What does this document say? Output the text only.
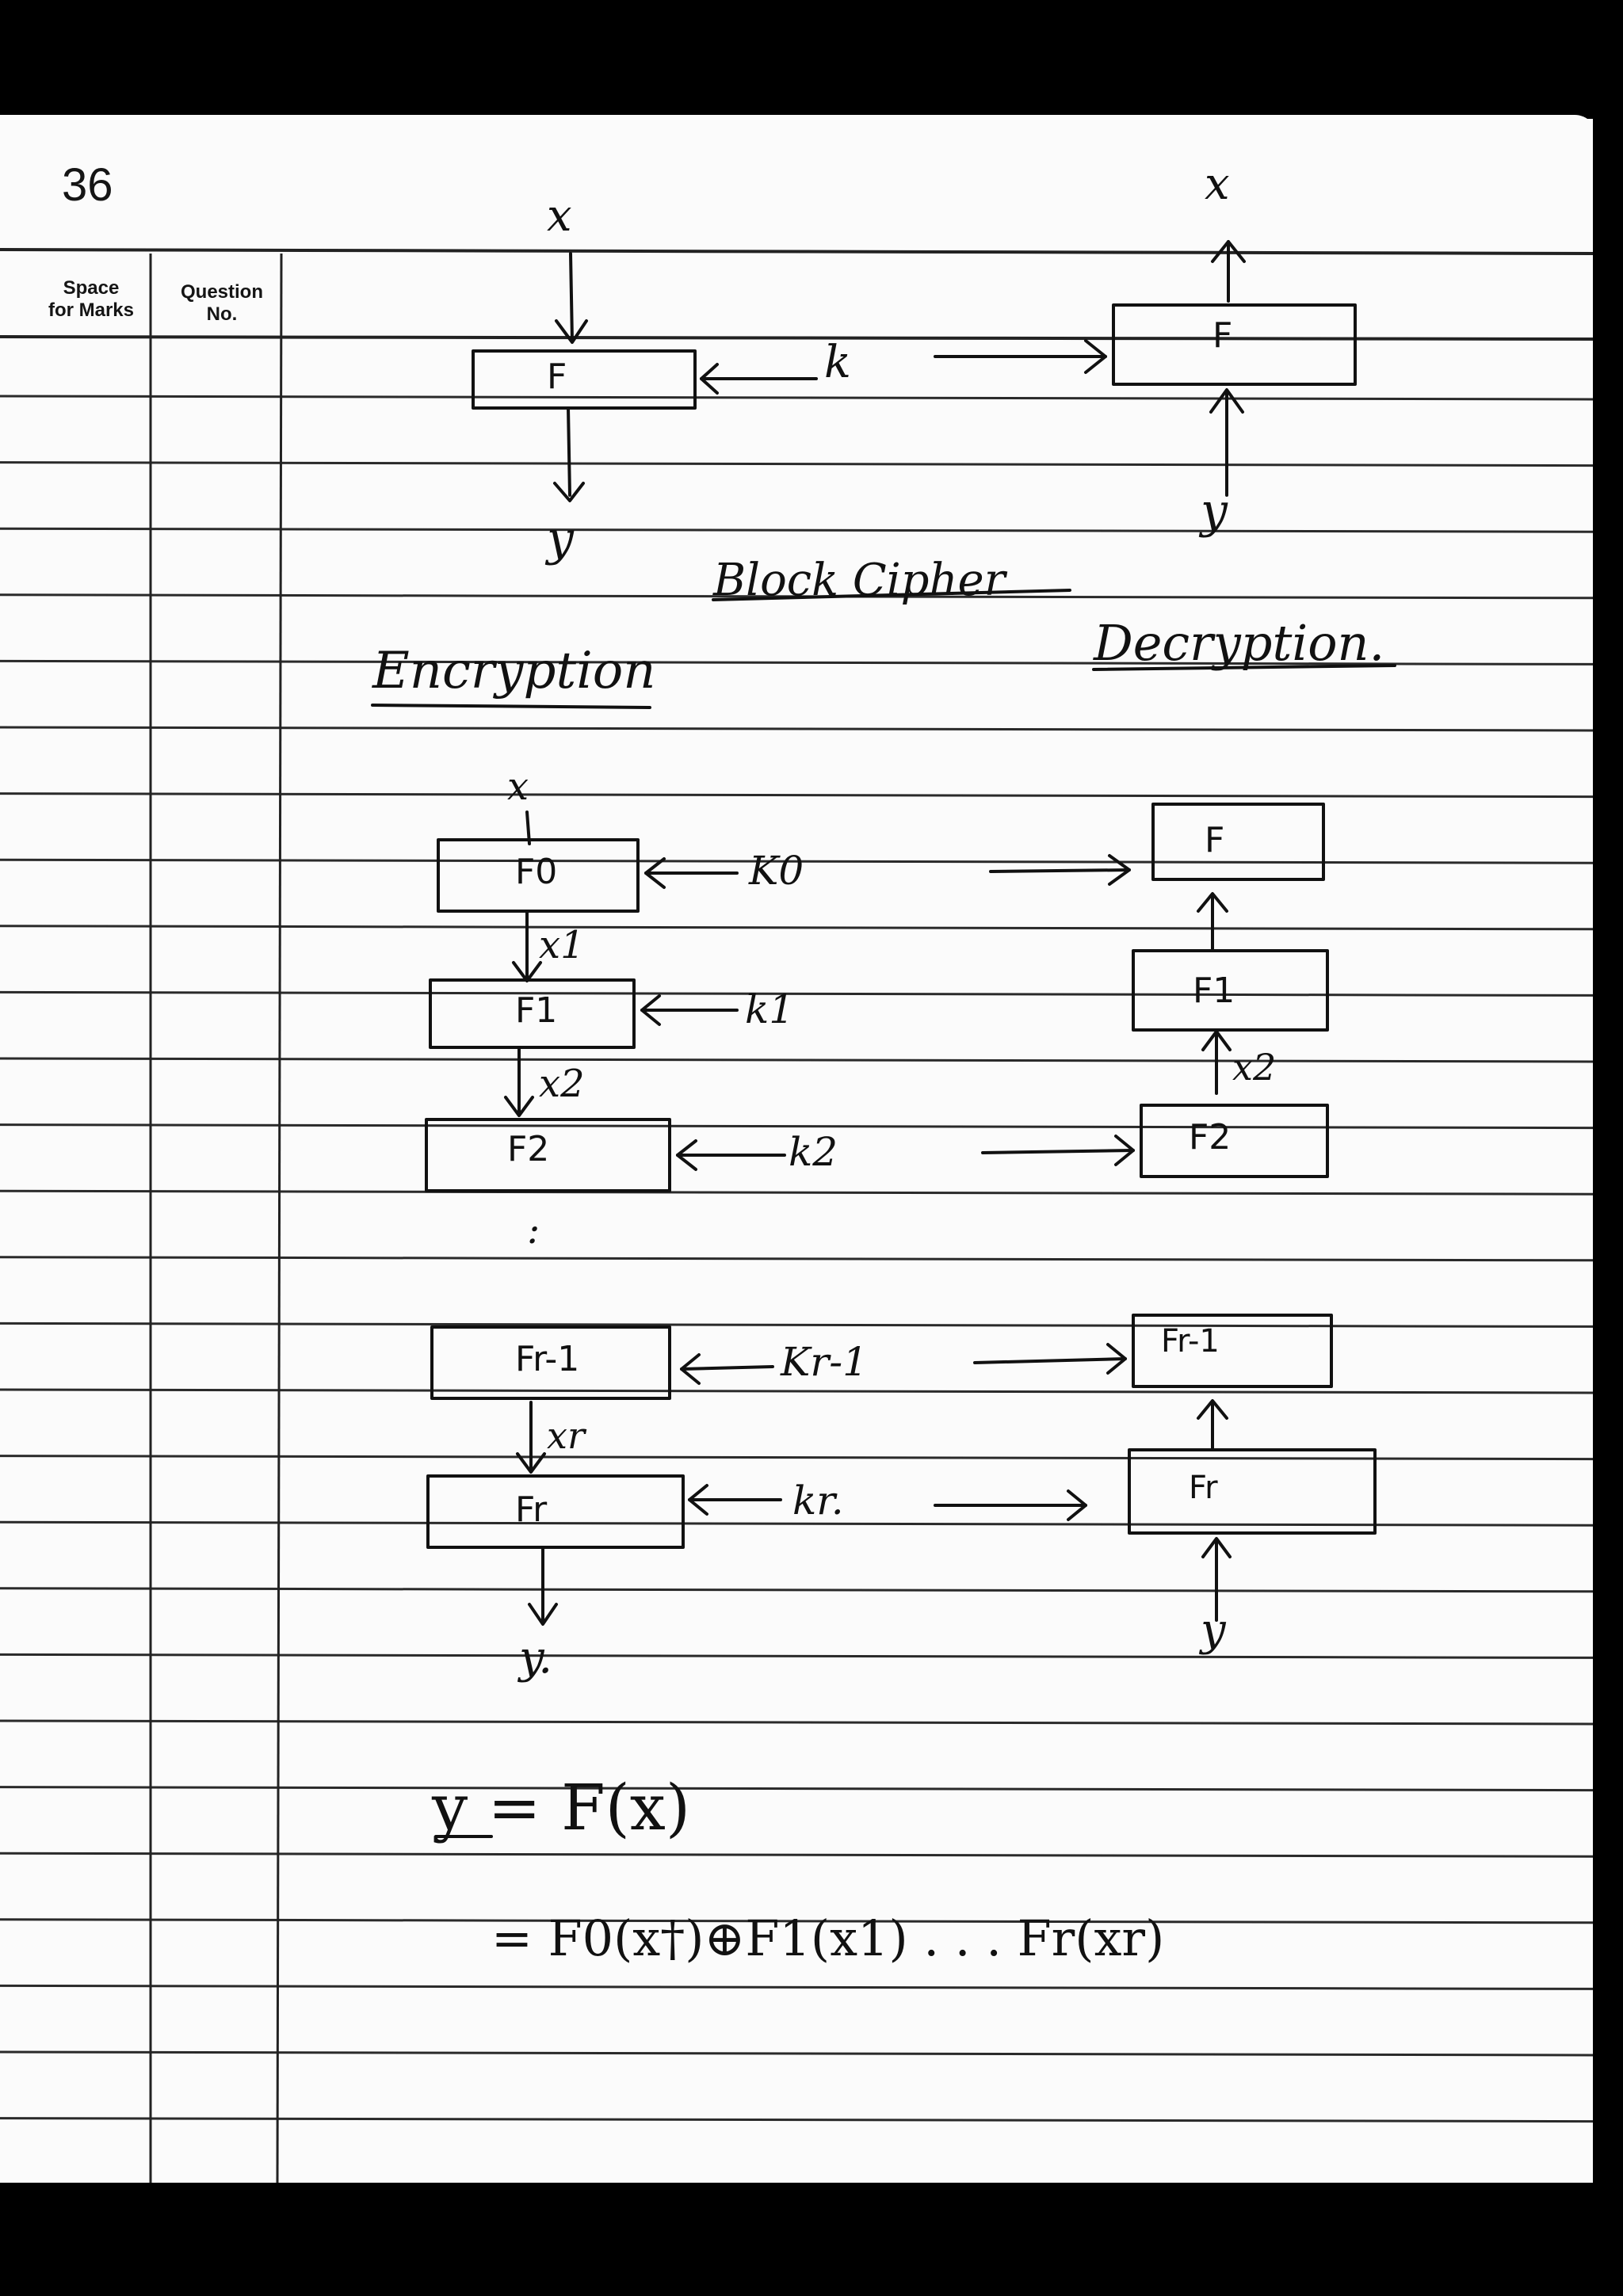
36
Space
for Marks
Question
No.
x
F	k
y
x
F
y
Block Cipher
Encryption	Decryption.
x
F0	K0
x1
F1	k1
x2
F2	k2
:
Fr-1	Kr-1
xr
Fr	kr.
y.
F
F1
x2
F2
Fr-1
Fr
y
y = F(x)
= F0(x†)⊕F1(x1) . . . Fr(xr)
